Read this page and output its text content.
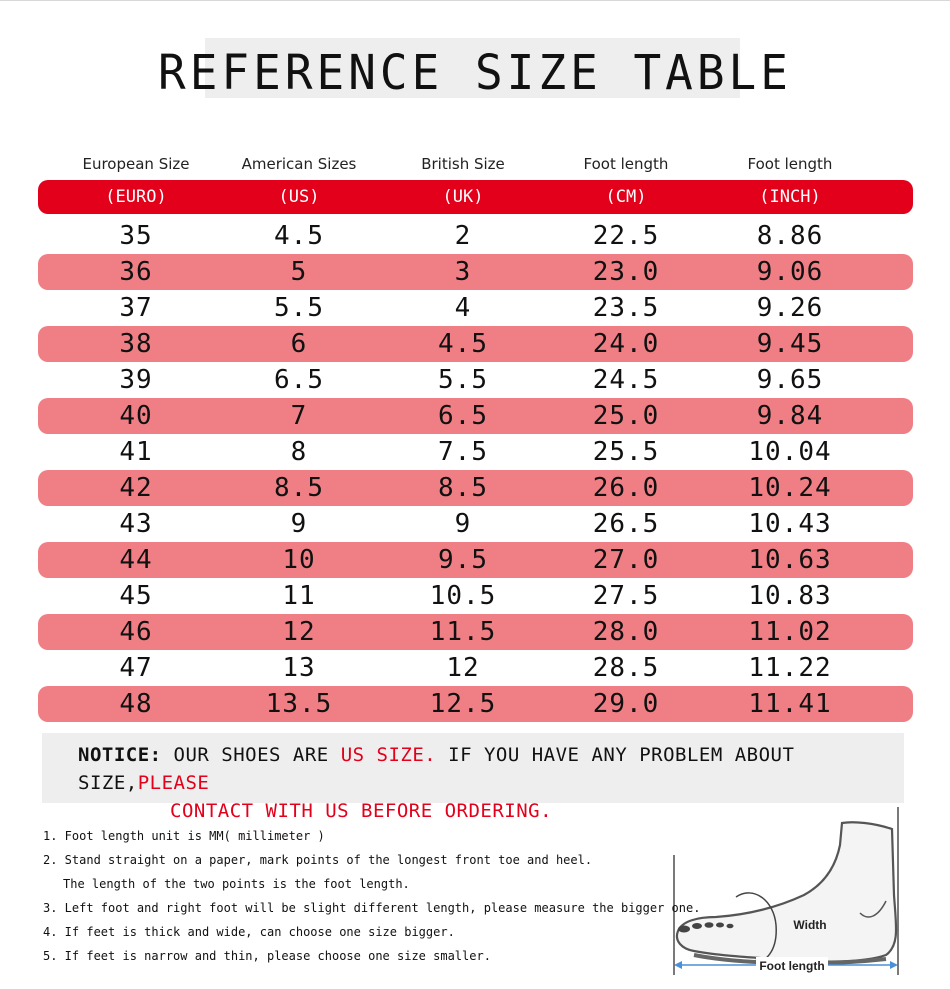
REFERENCE SIZE TABLE
European Size	American Sizes	British Size	Foot length	Foot length
(EURO)	(US)	(UK)	(CM)	(INCH)
35	4.5	2	22.5	8.86
36	5	3	23.0	9.06
37	5.5	4	23.5	9.26
38	6	4.5	24.0	9.45
39	6.5	5.5	24.5	9.65
40	7	6.5	25.0	9.84
41	8	7.5	25.5	10.04
42	8.5	8.5	26.0	10.24
43	9	9	26.5	10.43
44	10	9.5	27.0	10.63
45	11	10.5	27.5	10.83
46	12	11.5	28.0	11.02
47	13	12	28.5	11.22
48	13.5	12.5	29.0	11.41
NOTICE: OUR SHOES ARE US SIZE. IF YOU HAVE ANY PROBLEM ABOUT SIZE,PLEASE
CONTACT WITH US BEFORE ORDERING.
1. Foot length unit is MM( millimeter )
2. Stand straight on a paper, mark points of the longest front toe and heel.
The length of the two points is the foot length.
3. Left foot and right foot will be slight different length, please measure the bigger one.
4. If feet is thick and wide, can choose one size bigger.
5. If feet is narrow and thin, please choose one size smaller.
Foot length
Width
